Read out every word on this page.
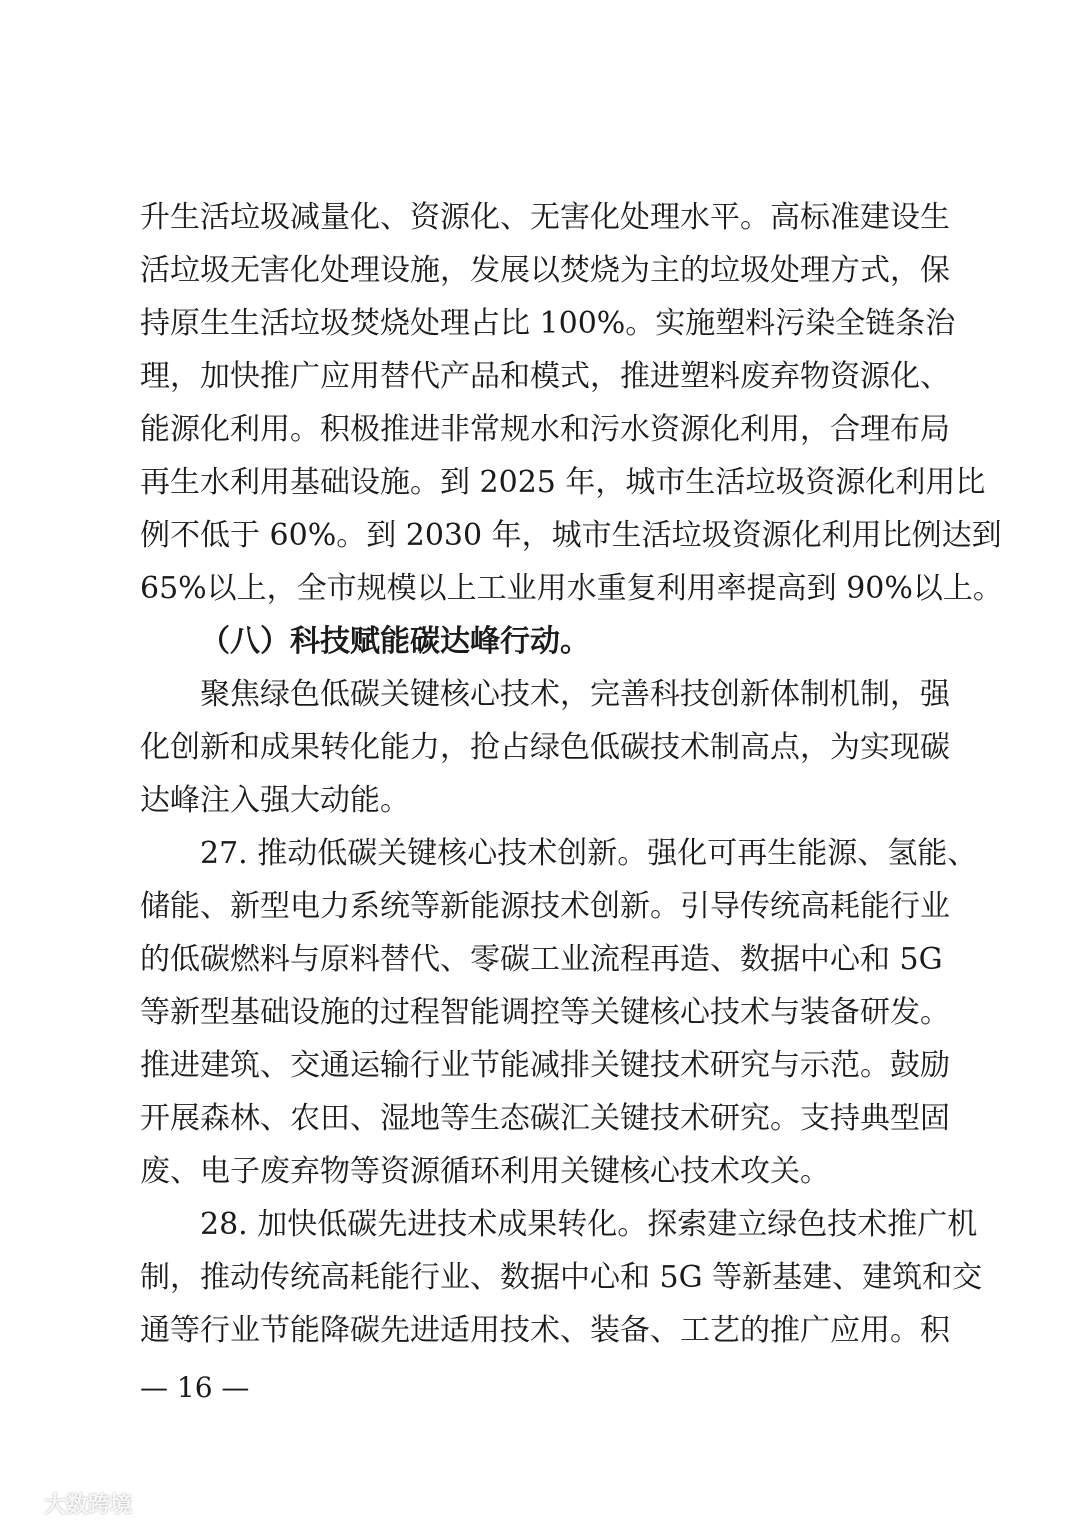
升生活垃圾减量化、资源化、无害化处理水平。高标准建设生
活垃圾无害化处理设施，发展以焚烧为主的垃圾处理方式，保
持原生生活垃圾焚烧处理占比 100%。实施塑料污染全链条治
理，加快推广应用替代产品和模式，推进塑料废弃物资源化、
能源化利用。积极推进非常规水和污水资源化利用，合理布局
再生水利用基础设施。到 2025 年，城市生活垃圾资源化利用比
例不低于 60%。到 2030 年，城市生活垃圾资源化利用比例达到
65%以上，全市规模以上工业用水重复利用率提高到 90%以上。
（八）科技赋能碳达峰行动。
聚焦绿色低碳关键核心技术，完善科技创新体制机制，强
化创新和成果转化能力，抢占绿色低碳技术制高点，为实现碳
达峰注入强大动能。
27. 推动低碳关键核心技术创新。强化可再生能源、氢能、
储能、新型电力系统等新能源技术创新。引导传统高耗能行业
的低碳燃料与原料替代、零碳工业流程再造、数据中心和 5G
等新型基础设施的过程智能调控等关键核心技术与装备研发。
推进建筑、交通运输行业节能减排关键技术研究与示范。鼓励
开展森林、农田、湿地等生态碳汇关键技术研究。支持典型固
废、电子废弃物等资源循环利用关键核心技术攻关。
28. 加快低碳先进技术成果转化。探索建立绿色技术推广机
制，推动传统高耗能行业、数据中心和 5G 等新基建、建筑和交
通等行业节能降碳先进适用技术、装备、工艺的推广应用。积
— 16 —
大数跨境
